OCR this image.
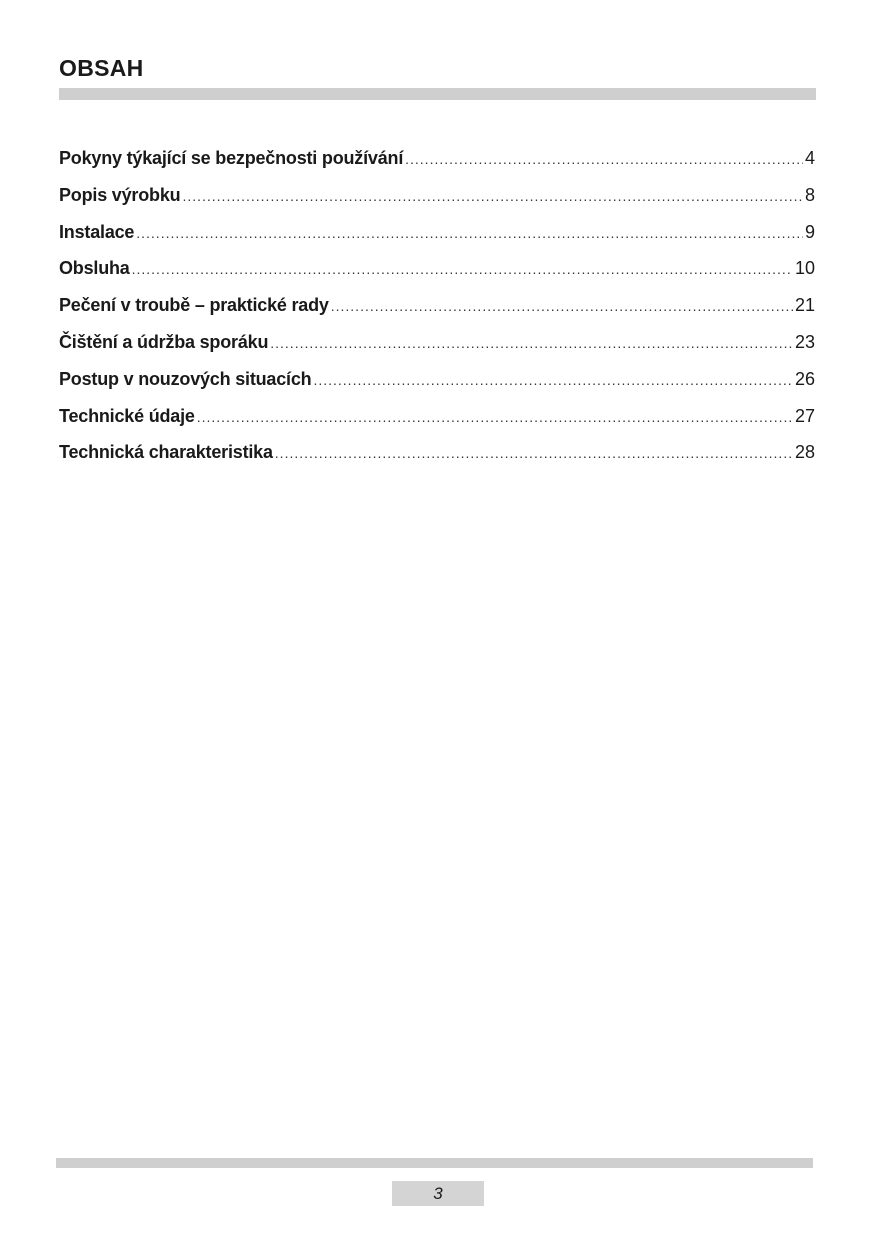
OBSAH
Pokyny týkající se bezpečnosti používání .....	4
Popis výrobku .....	8
Instalace .....	9
Obsluha .....	10
Pečení v troubě – praktické rady .....	21
Čištění a údržba sporáku .....	23
Postup v nouzových situacích .....	26
Technické údaje .....	27
Technická charakteristika .....	28
3
